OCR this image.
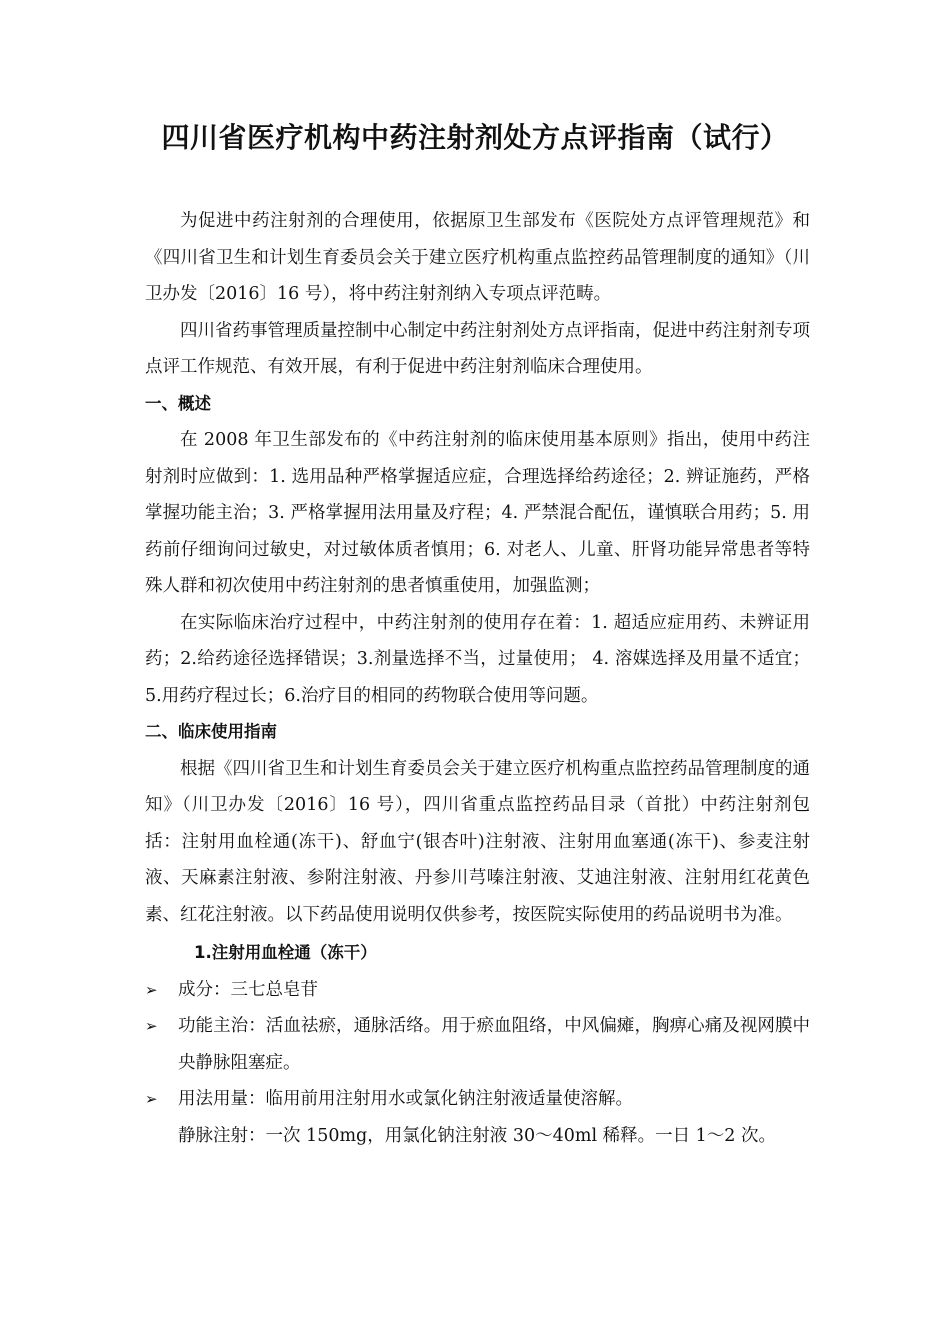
四川省医疗机构中药注射剂处方点评指南（试行）

为促进中药注射剂的合理使用，依据原卫生部发布《医院处方点评管理规范》和《四川省卫生和计划生育委员会关于建立医疗机构重点监控药品管理制度的通知》（川卫办发〔2016〕16 号），将中药注射剂纳入专项点评范畴。

四川省药事管理质量控制中心制定中药注射剂处方点评指南，促进中药注射剂专项点评工作规范、有效开展，有利于促进中药注射剂临床合理使用。

一、概述

在 2008 年卫生部发布的《中药注射剂的临床使用基本原则》指出，使用中药注射剂时应做到：1. 选用品种严格掌握适应症，合理选择给药途径；2. 辨证施药，严格掌握功能主治；3. 严格掌握用法用量及疗程；4. 严禁混合配伍，谨慎联合用药；5. 用药前仔细询问过敏史，对过敏体质者慎用；6. 对老人、儿童、肝肾功能异常患者等特殊人群和初次使用中药注射剂的患者慎重使用，加强监测；

在实际临床治疗过程中，中药注射剂的使用存在着：1. 超适应症用药、未辨证用药；2.给药途径选择错误；3.剂量选择不当，过量使用； 4. 溶媒选择及用量不适宜；5.用药疗程过长；6.治疗目的相同的药物联合使用等问题。

二、临床使用指南

根据《四川省卫生和计划生育委员会关于建立医疗机构重点监控药品管理制度的通知》（川卫办发〔2016〕16 号），四川省重点监控药品目录（首批）中药注射剂包括：注射用血栓通(冻干)、舒血宁(银杏叶)注射液、注射用血塞通(冻干)、参麦注射液、天麻素注射液、参附注射液、丹参川芎嗪注射液、艾迪注射液、注射用红花黄色素、红花注射液。以下药品使用说明仅供参考，按医院实际使用的药品说明书为准。

1.注射用血栓通（冻干）

➢ 成分：三七总皂苷
➢ 功能主治：活血祛瘀，通脉活络。用于瘀血阻络，中风偏瘫，胸痹心痛及视网膜中央静脉阻塞症。
➢ 用法用量：临用前用注射用水或氯化钠注射液适量使溶解。

静脉注射：一次 150mg，用氯化钠注射液 30～40ml 稀释。一日 1～2 次。
